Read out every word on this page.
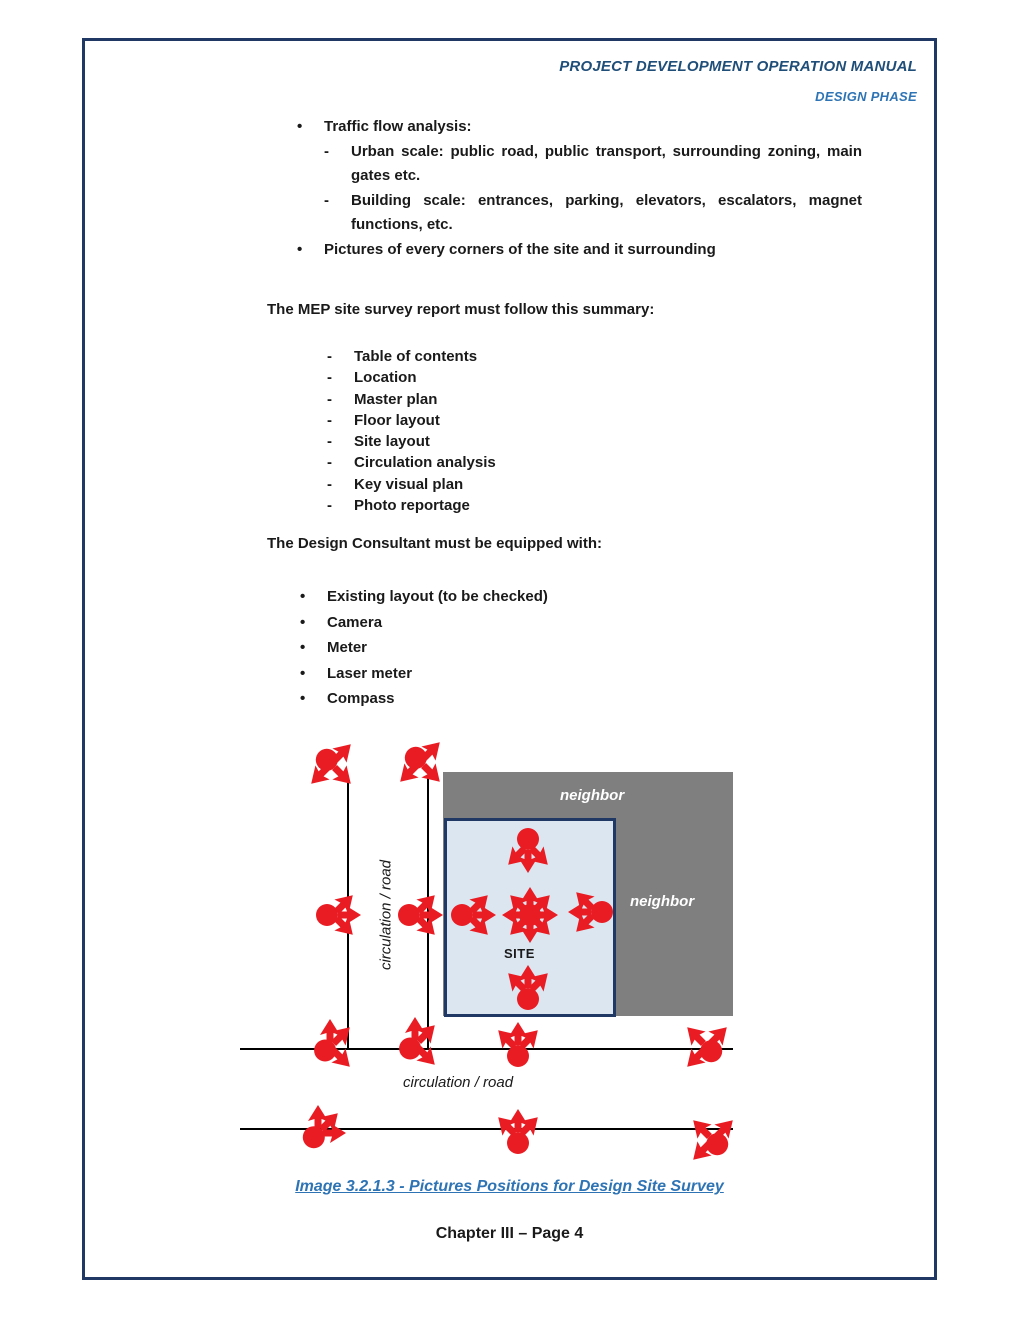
PROJECT DEVELOPMENT OPERATION MANUAL
DESIGN PHASE
•	Traffic flow analysis:
-	Urban scale: public road, public transport, surrounding zoning, main gates etc.
-	Building scale: entrances, parking, elevators, escalators, magnet functions, etc.
•	Pictures of every corners of the site and it surrounding
The MEP site survey report must follow this summary:
-	Table of contents
-	Location
-	Master plan
-	Floor layout
-	Site layout
-	Circulation analysis
-	Key visual plan
-	Photo reportage
The Design Consultant must be equipped with:
•	Existing layout (to be checked)
•	Camera
•	Meter
•	Laser meter
•	Compass
neighbor
neighbor
SITE
circulation / road
circulation / road
Image 3.2.1.3 - Pictures Positions for Design Site Survey
Chapter III – Page 4
